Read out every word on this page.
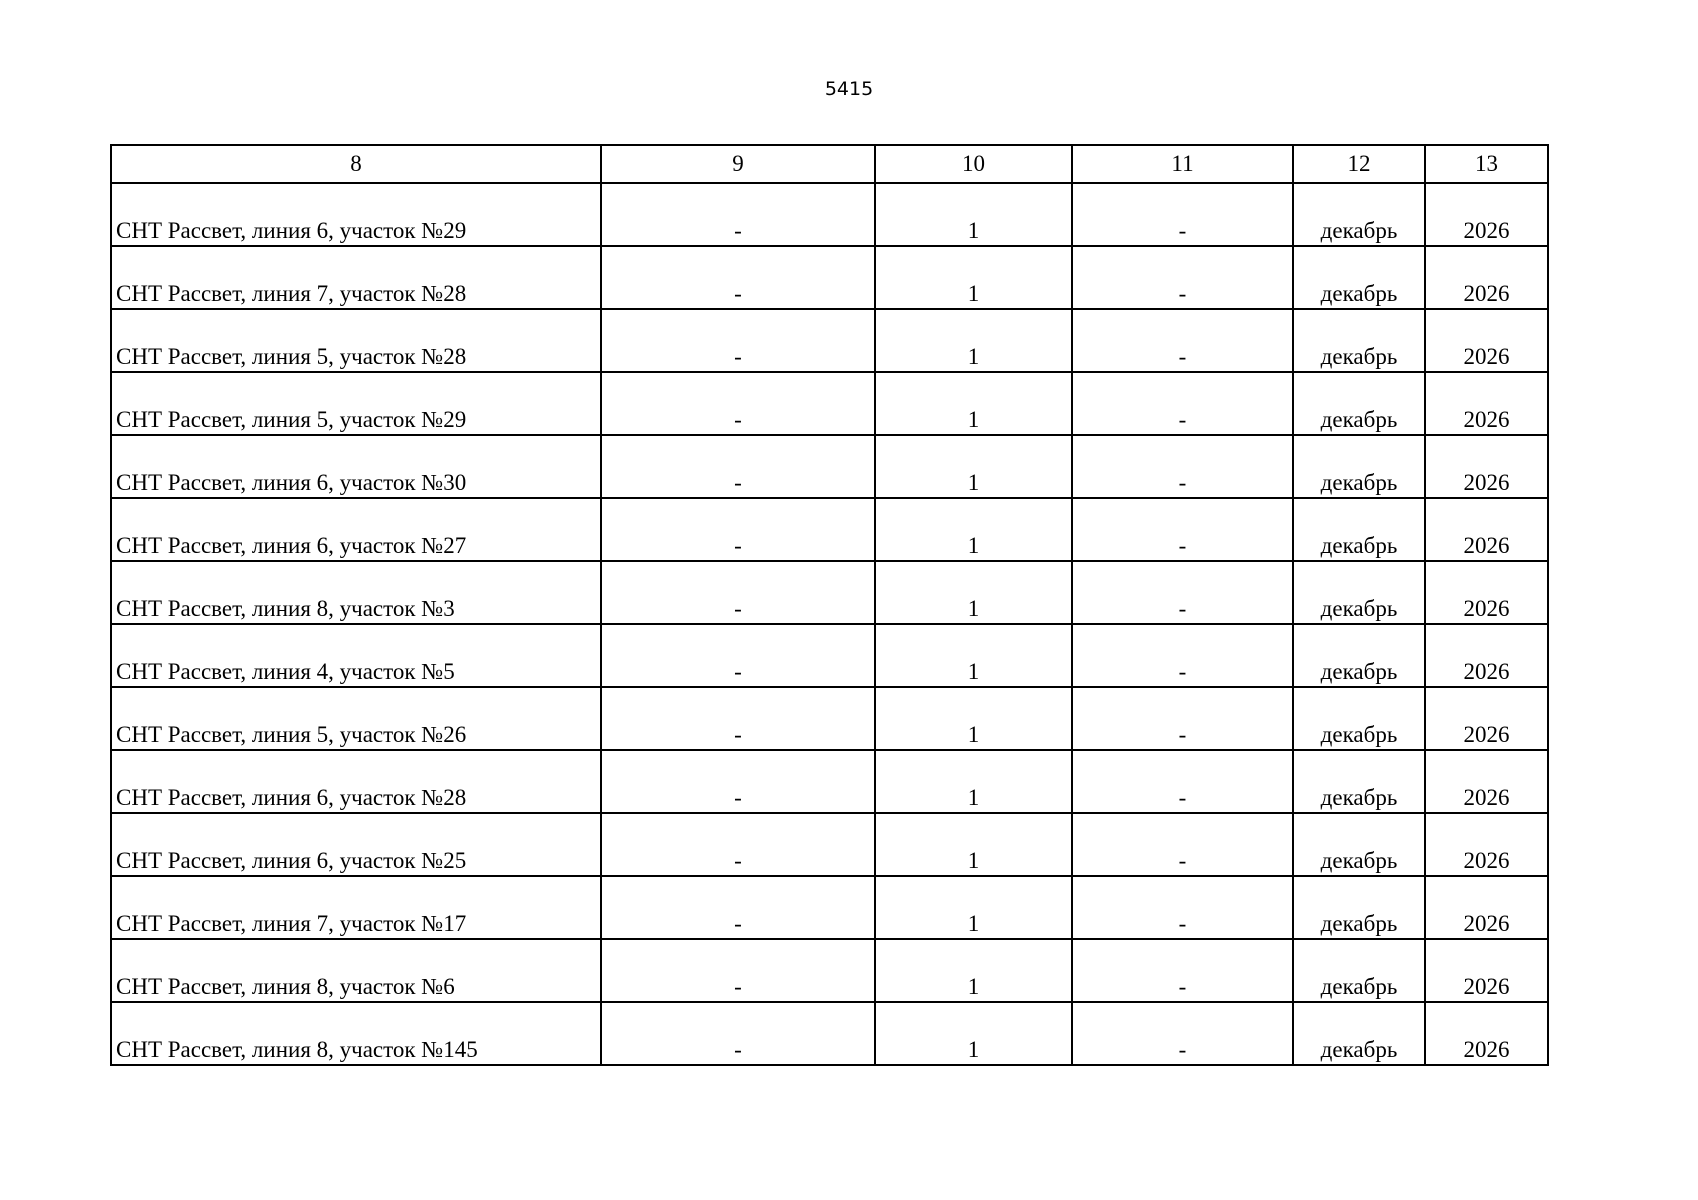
5415
8	9	10	11	12	13
СНТ Рассвет, линия 6, участок №29	-	1	-	декабрь	2026
СНТ Рассвет, линия 7, участок №28	-	1	-	декабрь	2026
СНТ Рассвет, линия 5, участок №28	-	1	-	декабрь	2026
СНТ Рассвет, линия 5, участок №29	-	1	-	декабрь	2026
СНТ Рассвет, линия 6, участок №30	-	1	-	декабрь	2026
СНТ Рассвет, линия 6, участок №27	-	1	-	декабрь	2026
СНТ Рассвет, линия 8, участок №3	-	1	-	декабрь	2026
СНТ Рассвет, линия 4, участок №5	-	1	-	декабрь	2026
СНТ Рассвет, линия 5, участок №26	-	1	-	декабрь	2026
СНТ Рассвет, линия 6, участок №28	-	1	-	декабрь	2026
СНТ Рассвет, линия 6, участок №25	-	1	-	декабрь	2026
СНТ Рассвет, линия 7, участок №17	-	1	-	декабрь	2026
СНТ Рассвет, линия 8, участок №6	-	1	-	декабрь	2026
СНТ Рассвет, линия 8, участок №145	-	1	-	декабрь	2026
